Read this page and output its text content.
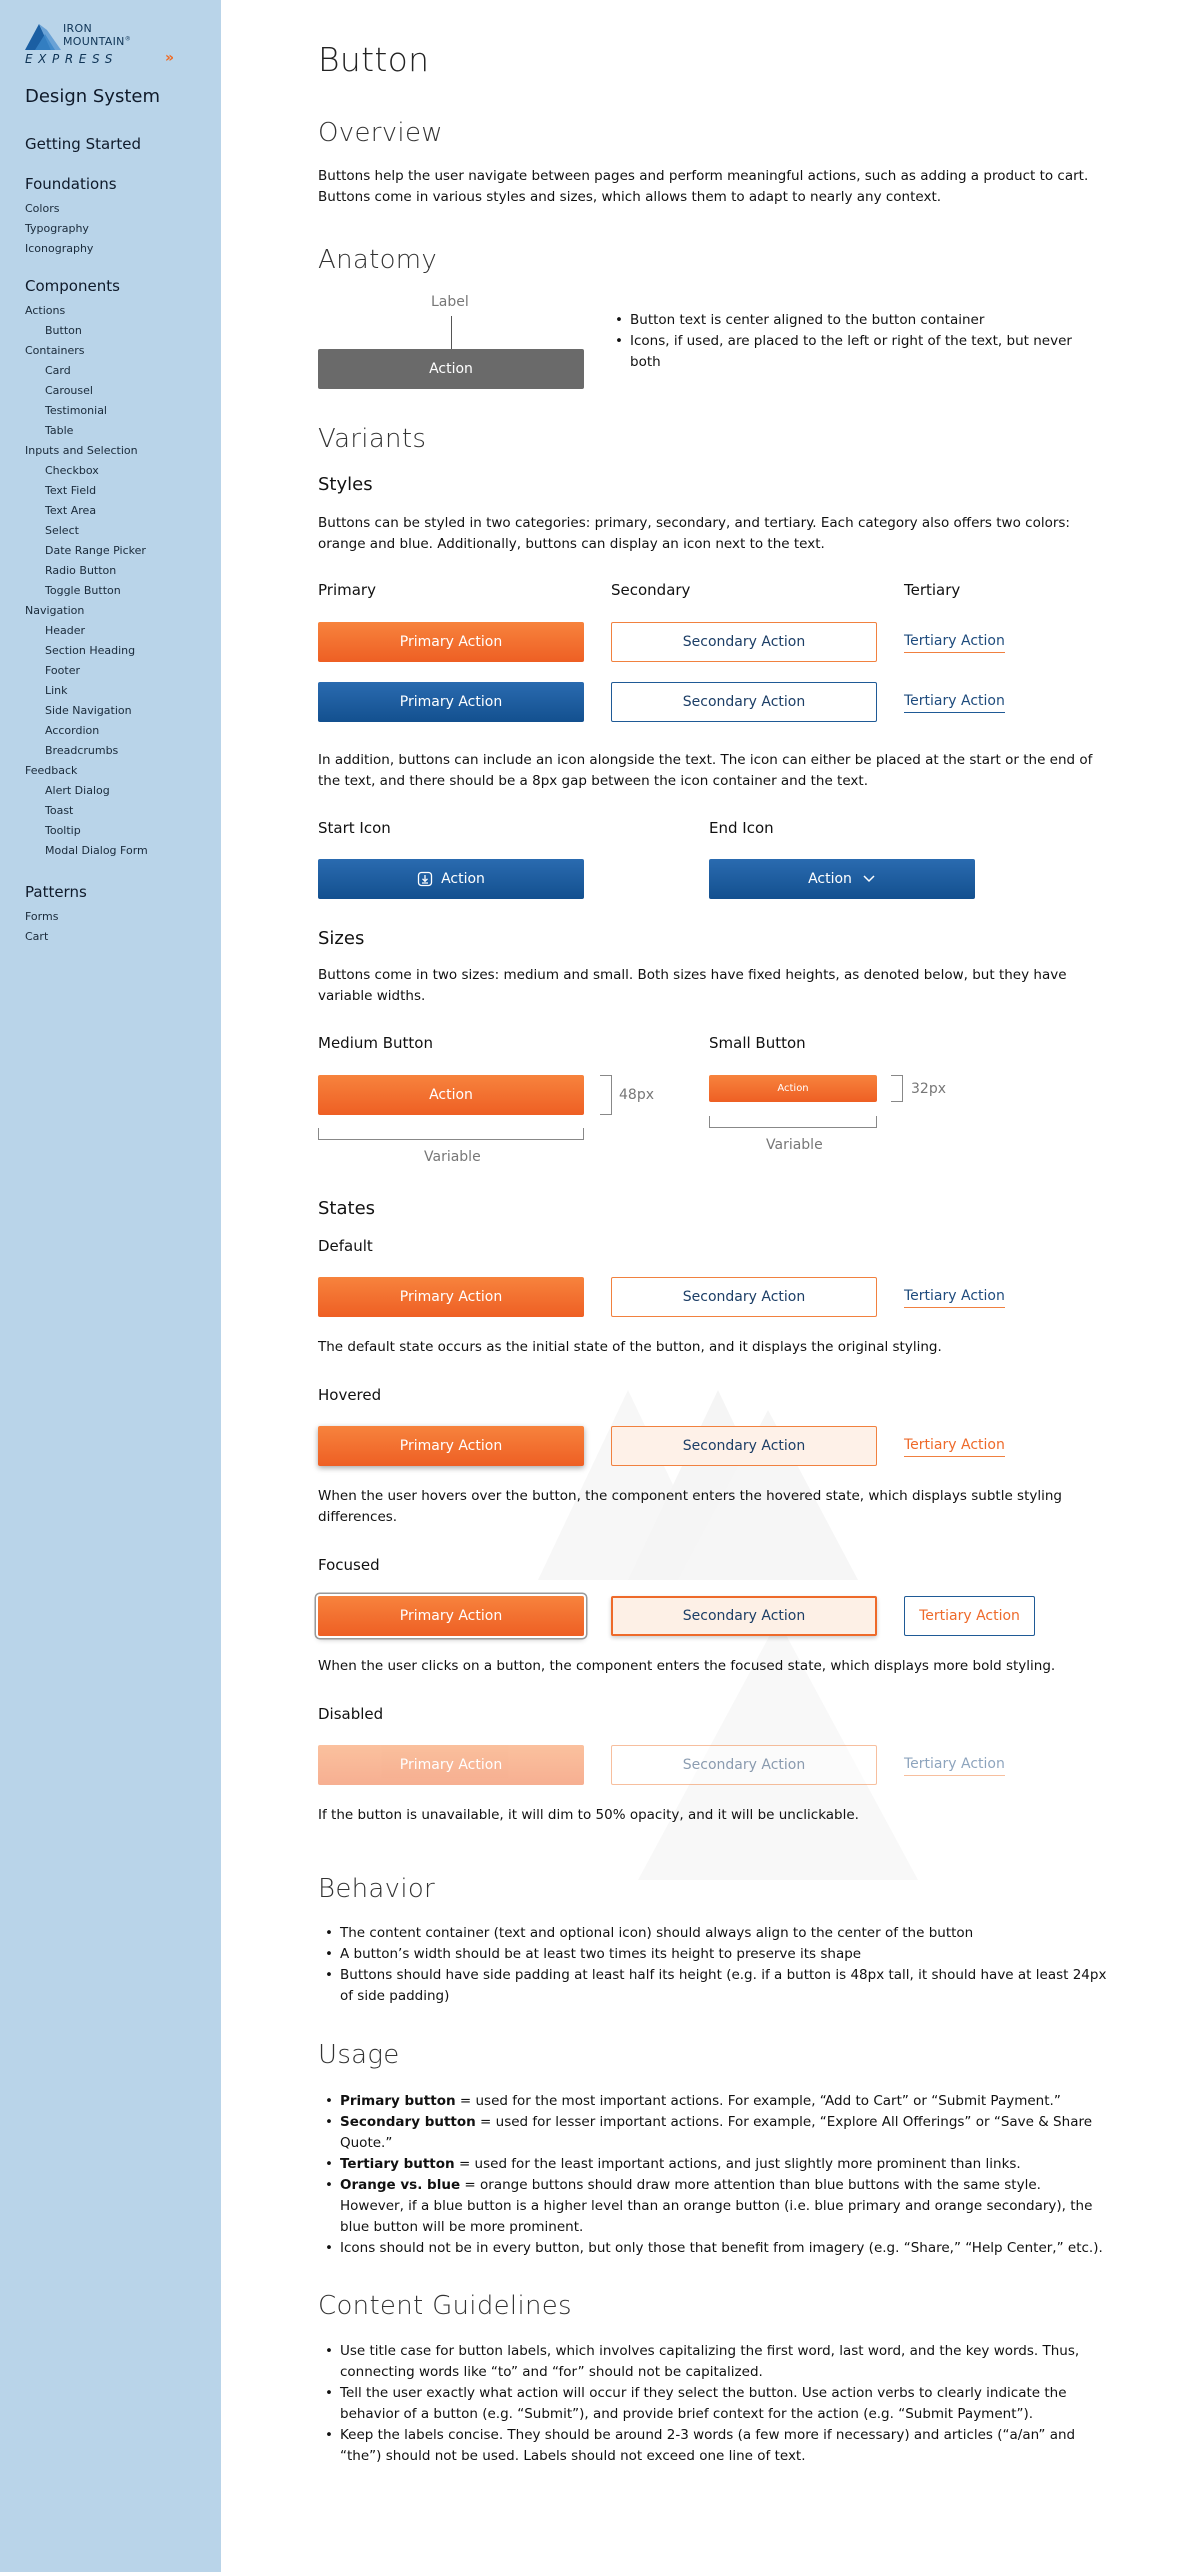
IRON
MOUNTAIN®
EXPRESS	»
Design System
Getting Started
Foundations
Colors
Typography
Iconography
Components
Actions
Button
Containers
Card
Carousel
Testimonial
Table
Inputs and Selection
Checkbox
Text Field
Text Area
Select
Date Range Picker
Radio Button
Toggle Button
Navigation
Header
Section Heading
Footer
Link
Side Navigation
Accordion
Breadcrumbs
Feedback
Alert Dialog
Toast
Tooltip
Modal Dialog Form
Patterns
Forms
Cart
Button
Overview
Buttons help the user navigate between pages and perform meaningful actions, such as adding a product to cart. Buttons come in various styles and sizes, which allows them to adapt to nearly any context.
Anatomy
Label
Action
• Button text is center aligned to the button container
• Icons, if used, are placed to the left or right of the text, but never both
Variants
Styles
Buttons can be styled in two categories: primary, secondary, and tertiary. Each category also offers two colors: orange and blue. Additionally, buttons can display an icon next to the text.
Primary	Secondary	Tertiary
Primary Action	Secondary Action	Tertiary Action
Primary Action	Secondary Action	Tertiary Action
In addition, buttons can include an icon alongside the text. The icon can either be placed at the start or the end of the text, and there should be a 8px gap between the icon container and the text.
Start Icon	End Icon
Action	Action
Sizes
Buttons come in two sizes: medium and small. Both sizes have fixed heights, as denoted below, but they have variable widths.
Medium Button	Small Button
Action	48px
Variable
Action	32px
Variable
States
Default
Primary Action	Secondary Action	Tertiary Action
The default state occurs as the initial state of the button, and it displays the original styling.
Hovered
Primary Action	Secondary Action	Tertiary Action
When the user hovers over the button, the component enters the hovered state, which displays subtle styling differences.
Focused
Primary Action	Secondary Action	Tertiary Action
When the user clicks on a button, the component enters the focused state, which displays more bold styling.
Disabled
Primary Action	Secondary Action	Tertiary Action
If the button is unavailable, it will dim to 50% opacity, and it will be unclickable.
Behavior
• The content container (text and optional icon) should always align to the center of the button
• A button’s width should be at least two times its height to preserve its shape
• Buttons should have side padding at least half its height (e.g. if a button is 48px tall, it should have at least 24px of side padding)
Usage
• Primary button = used for the most important actions. For example, “Add to Cart” or “Submit Payment.”
• Secondary button = used for lesser important actions. For example, “Explore All Offerings” or “Save & Share Quote.”
• Tertiary button = used for the least important actions, and just slightly more prominent than links.
• Orange vs. blue = orange buttons should draw more attention than blue buttons with the same style. However, if a blue button is a higher level than an orange button (i.e. blue primary and orange secondary), the blue button will be more prominent.
• Icons should not be in every button, but only those that benefit from imagery (e.g. “Share,” “Help Center,” etc.).
Content Guidelines
• Use title case for button labels, which involves capitalizing the first word, last word, and the key words. Thus, connecting words like “to” and “for” should not be capitalized.
• Tell the user exactly what action will occur if they select the button. Use action verbs to clearly indicate the behavior of a button (e.g. “Submit”), and provide brief context for the action (e.g. “Submit Payment”).
• Keep the labels concise. They should be around 2-3 words (a few more if necessary) and articles (“a/an” and “the”) should not be used. Labels should not exceed one line of text.
